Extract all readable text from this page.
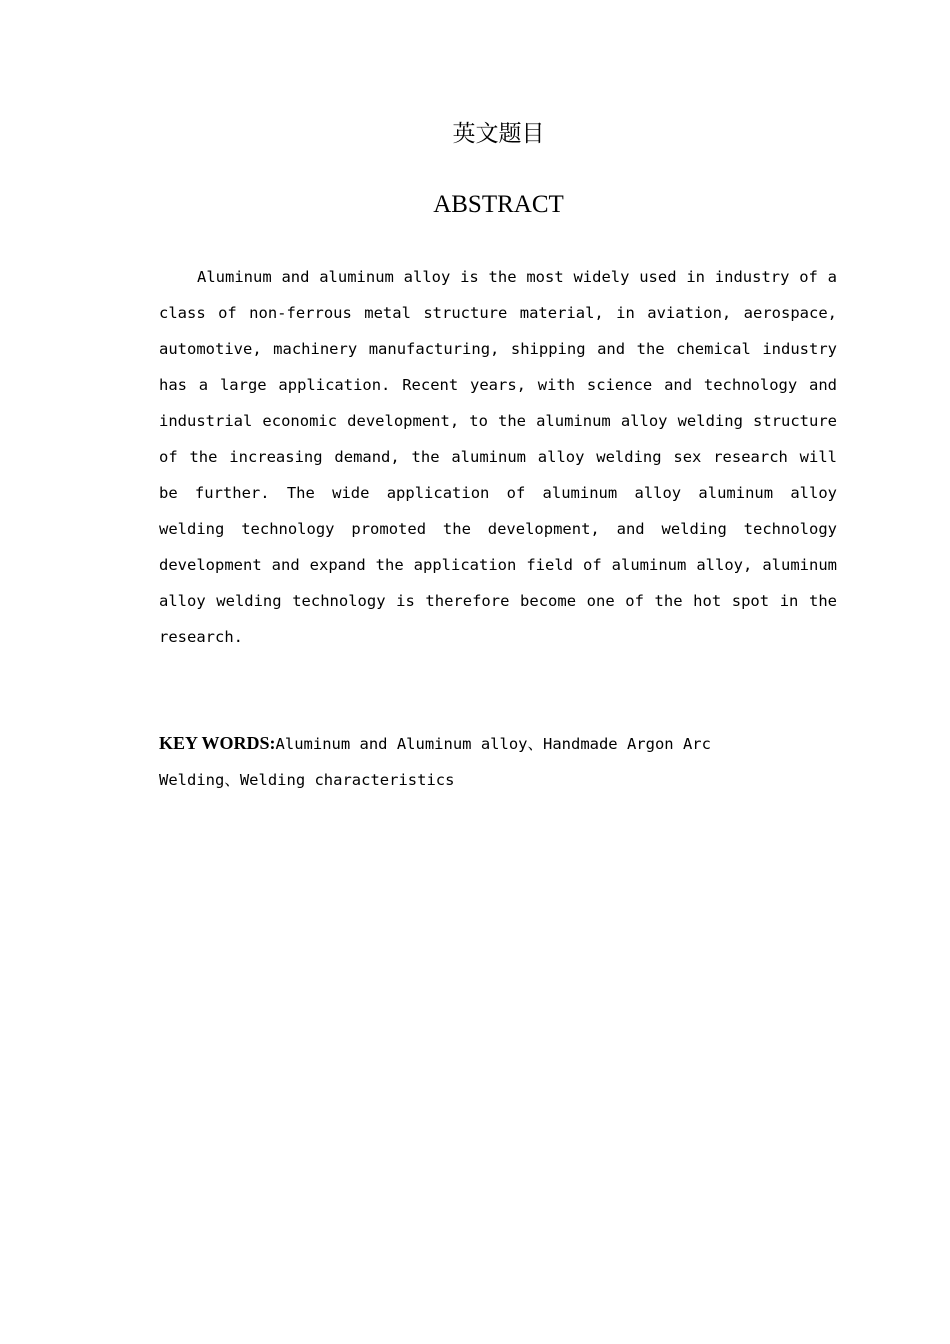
英文题目
ABSTRACT

Aluminum and aluminum alloy is the most widely used in industry of a class of non-ferrous metal structure material, in aviation, aerospace, automotive, machinery manufacturing, shipping and the chemical industry has a large application. Recent years, with science and technology and industrial economic development, to the aluminum alloy welding structure of the increasing demand, the aluminum alloy welding sex research will be further. The wide application of aluminum alloy aluminum alloy welding technology promoted the development, and welding technology development and expand the application field of aluminum alloy, aluminum alloy welding technology is therefore become one of the hot spot in the research.

KEY WORDS:Aluminum and Aluminum alloy、Handmade Argon Arc
Welding、Welding characteristics
